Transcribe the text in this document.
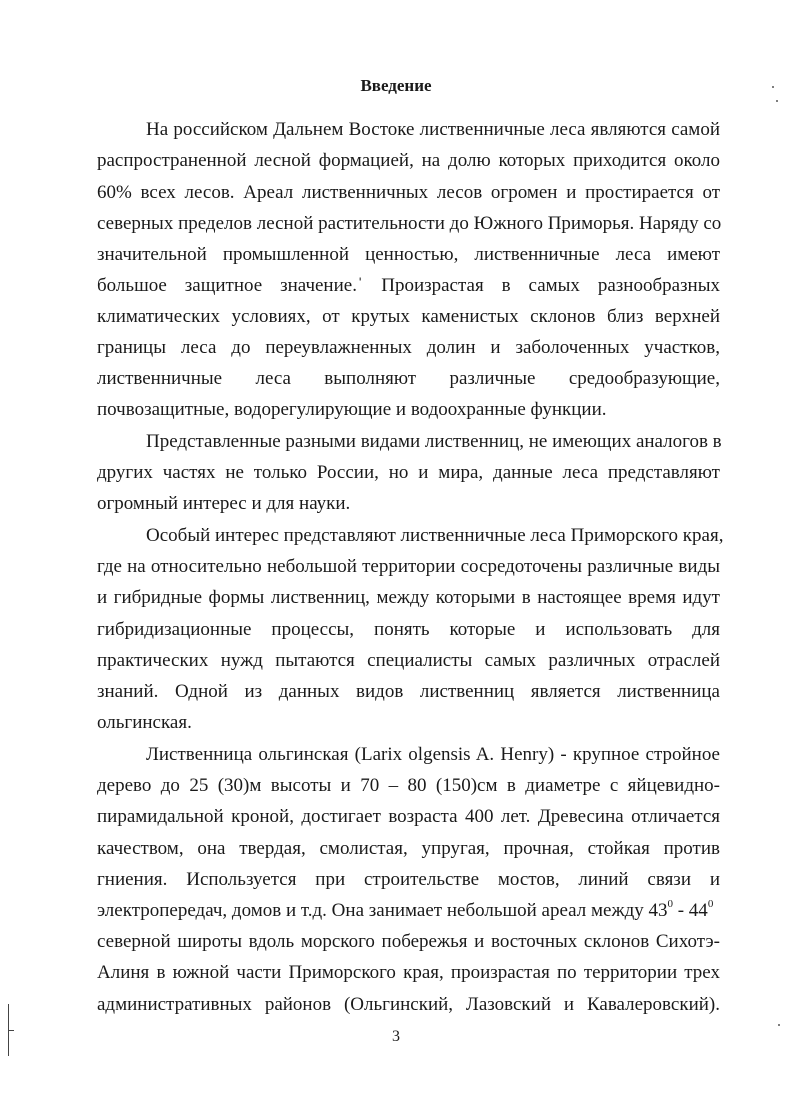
Введение
На российском Дальнем Востоке лиственничные леса являются самой
распространенной лесной формацией, на долю которых приходится около
60% всех лесов. Ареал лиственничных лесов огромен и простирается от
северных пределов лесной растительности до Южного Приморья. Наряду со
значительной промышленной ценностью, лиственничные леса имеют
большое защитное значение.ˈ Произрастая в самых разнообразных
климатических условиях, от крутых каменистых склонов близ верхней
границы леса до переувлажненных долин и заболоченных участков,
лиственничные леса выполняют различные средообразующие,
почвозащитные, водорегулирующие и водоохранные функции.
Представленные разными видами лиственниц, не имеющих аналогов в
других частях не только России, но и мира, данные леса представляют
огромный интерес и для науки.
Особый интерес представляют лиственничные леса Приморского края,
где на относительно небольшой территории сосредоточены различные виды
и гибридные формы лиственниц, между которыми в настоящее время идут
гибридизационные процессы, понять которые и использовать для
практических нужд пытаются специалисты самых различных отраслей
знаний. Одной из данных видов лиственниц является лиственница
ольгинская.
Лиственница ольгинская (Larix olgensis A. Henry) - крупное стройное
дерево до 25 (30)м высоты и 70 – 80 (150)см в диаметре с яйцевидно-
пирамидальной кроной, достигает возраста 400 лет. Древесина отличается
качеством, она твердая, смолистая, упругая, прочная, стойкая против
гниения. Используется при строительстве мостов, линий связи и
электропередач, домов и т.д. Она занимает небольшой ареал между $43^0 - 44^0$
северной широты вдоль морского побережья и восточных склонов Сихотэ-
Алиня в южной части Приморского края, произрастая по территории трех
административных районов (Ольгинский, Лазовский и Кавалеровский).
3
